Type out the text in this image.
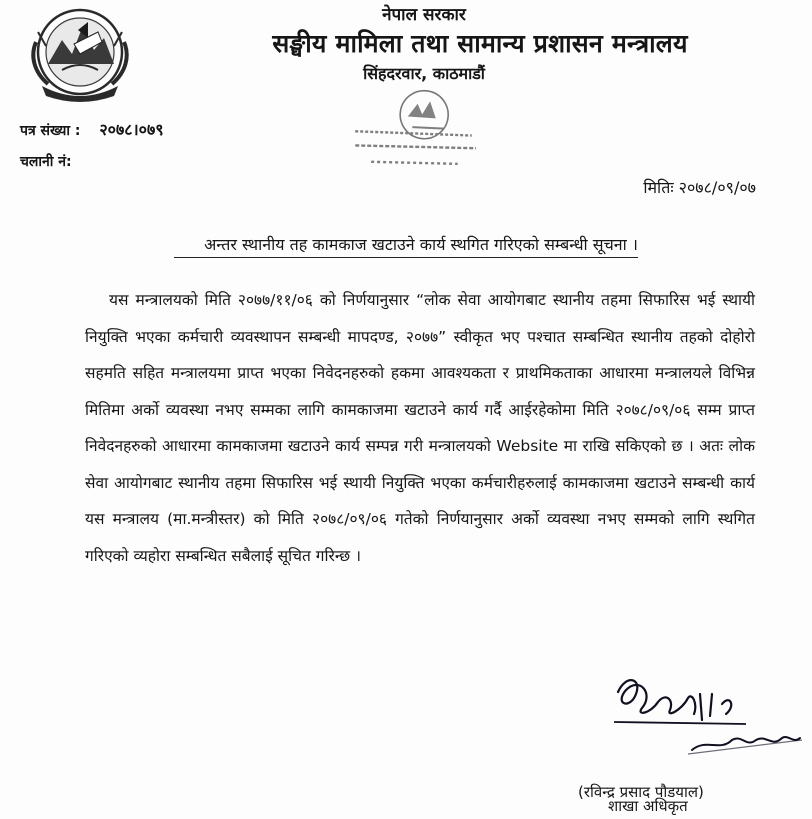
नेपाल सरकार
सङ्घीय मामिला तथा सामान्य प्रशासन मन्त्रालय
सिंहदरवार, काठमाडौं
पत्र संख्या : २०७८।०७९
चलानी नं:
मितिः २०७८/०९/०७
अन्तर स्थानीय तह कामकाज खटाउने कार्य स्थगित गरिएको सम्बन्धी सूचना ।
यस मन्त्रालयको मिति २०७७/११/०६ को निर्णयानुसार “लोक सेवा आयोगबाट स्थानीय तहमा सिफारिस भई स्थायी नियुक्ति भएका कर्मचारी व्यवस्थापन सम्बन्धी मापदण्ड, २०७७” स्वीकृत भए पश्चात सम्बन्धित स्थानीय तहको दोहोरो सहमति सहित मन्त्रालयमा प्राप्त भएका निवेदनहरुको हकमा आवश्यकता र प्राथमिकताका आधारमा मन्त्रालयले विभिन्न मितिमा अर्को व्यवस्था नभए सम्मका लागि कामकाजमा खटाउने कार्य गर्दै आईरहेकोमा मिति २०७८/०९/०६ सम्म प्राप्त निवेदनहरुको आधारमा कामकाजमा खटाउने कार्य सम्पन्न गरी मन्त्रालयको Website मा राखि सकिएको छ । अतः लोक सेवा आयोगबाट स्थानीय तहमा सिफारिस भई स्थायी नियुक्ति भएका कर्मचारीहरुलाई कामकाजमा खटाउने सम्बन्धी कार्य यस मन्त्रालय (मा.मन्त्रीस्तर) को मिति २०७८/०९/०६ गतेको निर्णयानुसार अर्को व्यवस्था नभए सम्मको लागि स्थगित गरिएको व्यहोरा सम्बन्धित सबैलाई सूचित गरिन्छ ।
(रविन्द्र प्रसाद पौडयाल)
शाखा अधिकृत
